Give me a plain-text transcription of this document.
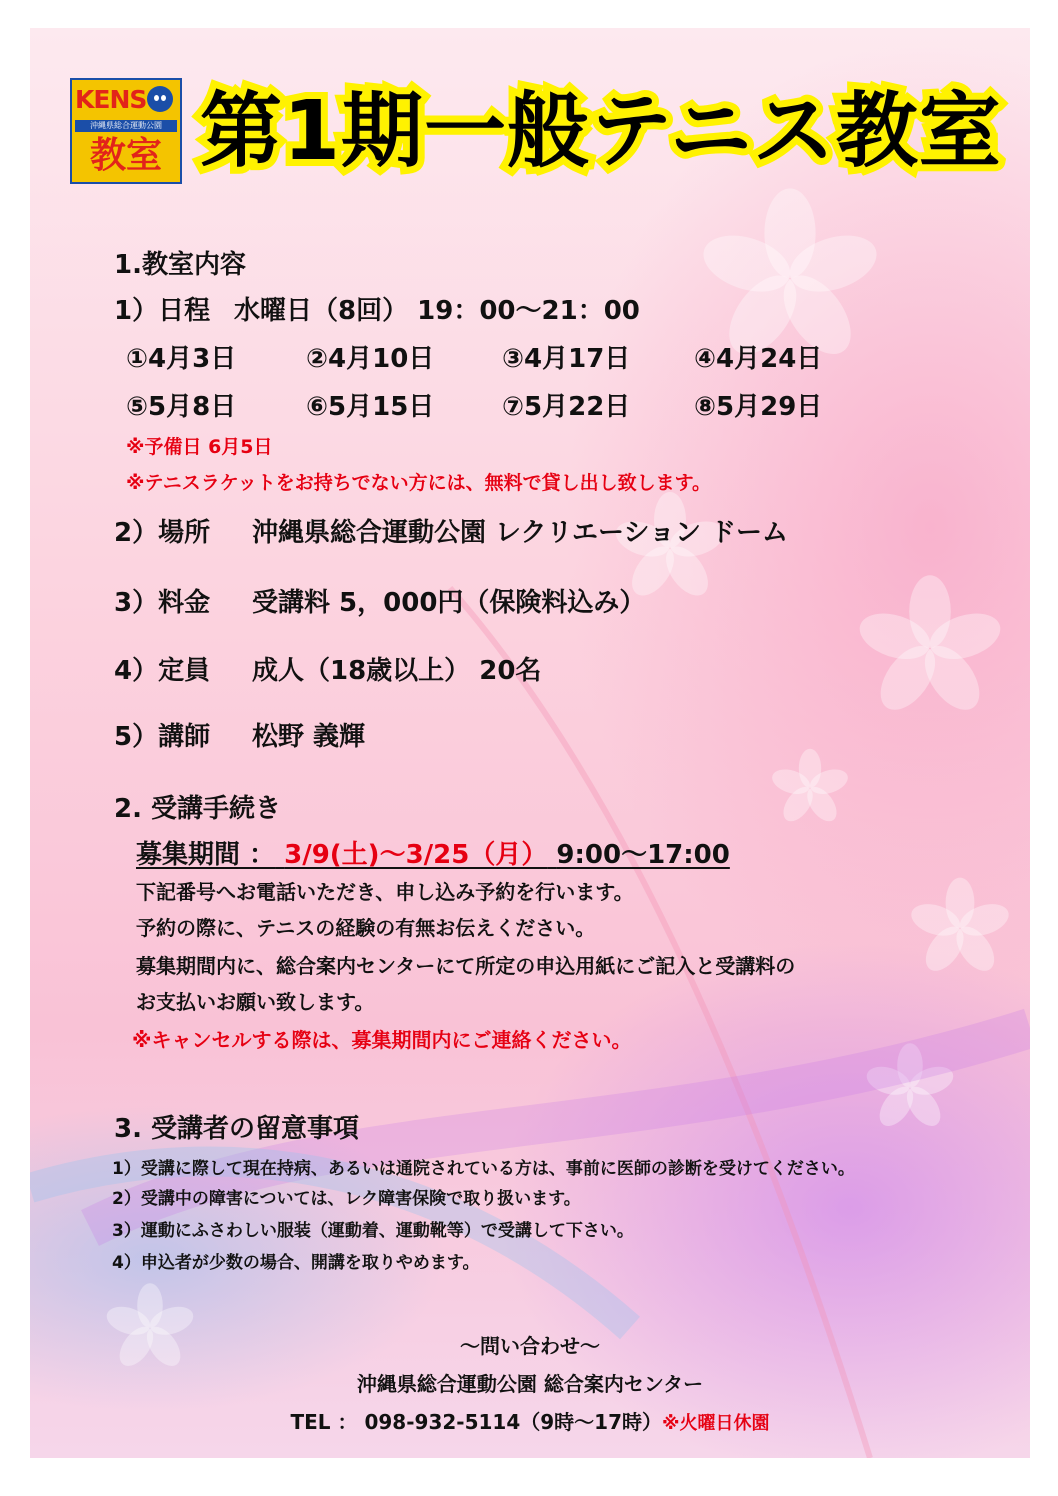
KENS
沖縄県総合運動公園
教室 第1期一般テニス教室
1.教室内容
1）日程 水曜日（8回） 19：00～21：00
①4月3日	②4月10日	③4月17日 ④4月24日
⑤5月8日	⑥5月15日	⑦5月22日 ⑧5月29日
※予備日 6月5日
※テニスラケットをお持ちでない方には、無料で貸し出し致します。
2）場所 沖縄県総合運動公園 レクリエーション ドーム
3）料金 受講料 5，000円（保険料込み）
4）定員 成人（18歳以上） 20名
5）講師 松野 義輝
2. 受講手続き
募集期間 ： 3/9(土)～3/25（月） 9:00～17:00
下記番号へお電話いただき、申し込み予約を行います。
予約の際に、テニスの経験の有無お伝えください。
募集期間内に、総合案内センターにて所定の申込用紙にご記入と受講料の
お支払いお願い致します。
※キャンセルする際は、募集期間内にご連絡ください。
3. 受講者の留意事項
1）受講に際して現在持病、あるいは通院されている方は、事前に医師の診断を受けてください。
2）受講中の障害については、レク障害保険で取り扱います。
3）運動にふさわしい服装（運動着、運動靴等）で受講して下さい。
4）申込者が少数の場合、開講を取りやめます。
～問い合わせ～
沖縄県総合運動公園 総合案内センター
TEL ： 098-932-5114（9時～17時）※火曜日休園
